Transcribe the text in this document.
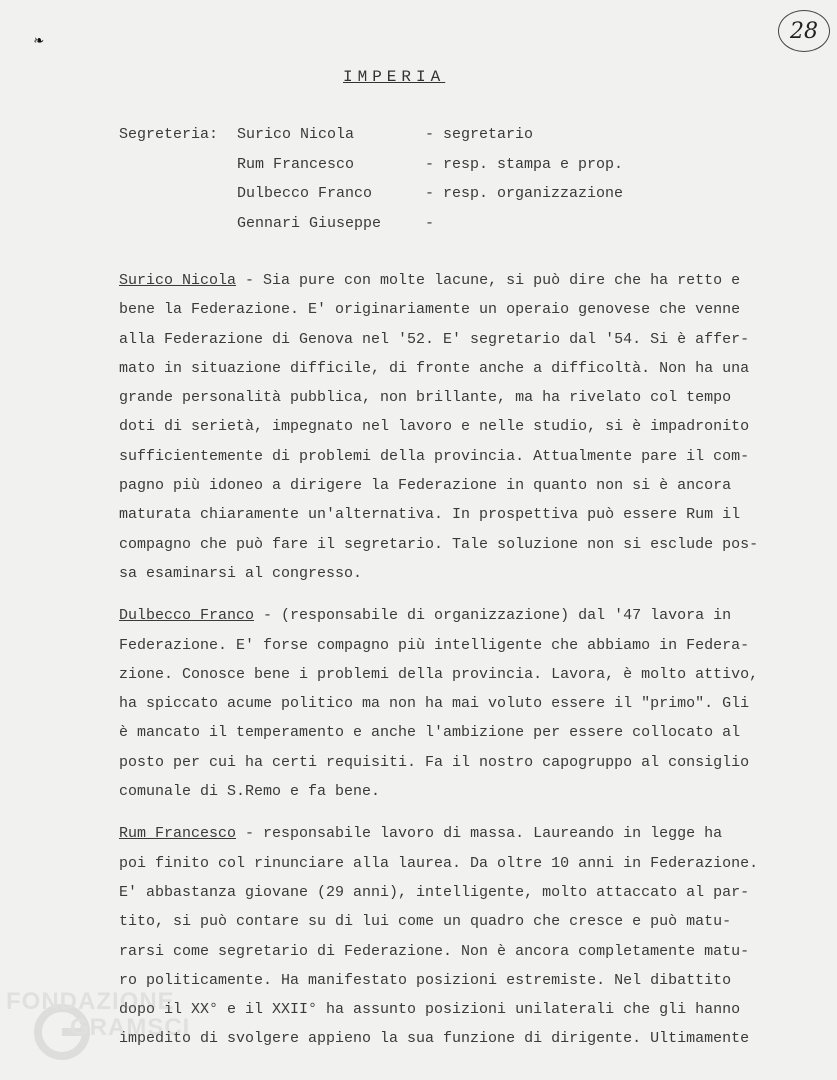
❧	28
IMPERIA
Segreteria: Surico Nicola	- segretario
Rum Francesco	- resp. stampa e prop.
Dulbecco Franco	- resp. organizzazione
Gennari Giuseppe	-
Surico Nicola - Sia pure con molte lacune, si può dire che ha retto e
bene la Federazione. E' originariamente un operaio genovese che venne
alla Federazione di Genova nel '52. E' segretario dal '54. Si è affer-
mato in situazione difficile, di fronte anche a difficoltà. Non ha una
grande personalità pubblica, non brillante, ma ha rivelato col tempo
doti di serietà, impegnato nel lavoro e nelle studio, si è impadronito
sufficientemente di problemi della provincia. Attualmente pare il com-
pagno più idoneo a dirigere la Federazione in quanto non si è ancora
maturata chiaramente un'alternativa. In prospettiva può essere Rum il
compagno che può fare il segretario. Tale soluzione non si esclude pos-
sa esaminarsi al congresso.
Dulbecco Franco - (responsabile di organizzazione) dal '47 lavora in
Federazione. E' forse compagno più intelligente che abbiamo in Federa-
zione. Conosce bene i problemi della provincia. Lavora, è molto attivo,
ha spiccato acume politico ma non ha mai voluto essere il "primo". Gli
è mancato il temperamento e anche l'ambizione per essere collocato al
posto per cui ha certi requisiti. Fa il nostro capogruppo al consiglio
comunale di S.Remo e fa bene.
Rum Francesco - responsabile lavoro di massa. Laureando in legge ha
poi finito col rinunciare alla laurea. Da oltre 10 anni in Federazione.
E' abbastanza giovane (29 anni), intelligente, molto attaccato al par-
tito, si può contare su di lui come un quadro che cresce e può matu-
rarsi come segretario di Federazione. Non è ancora completamente matu-
ro politicamente. Ha manifestato posizioni estremiste. Nel dibattito
dopo il XX° e il XXII° ha assunto posizioni unilaterali che gli hanno
impedito di svolgere appieno la sua funzione di dirigente. Ultimamente
FONDAZIONE
GRAMSCI
